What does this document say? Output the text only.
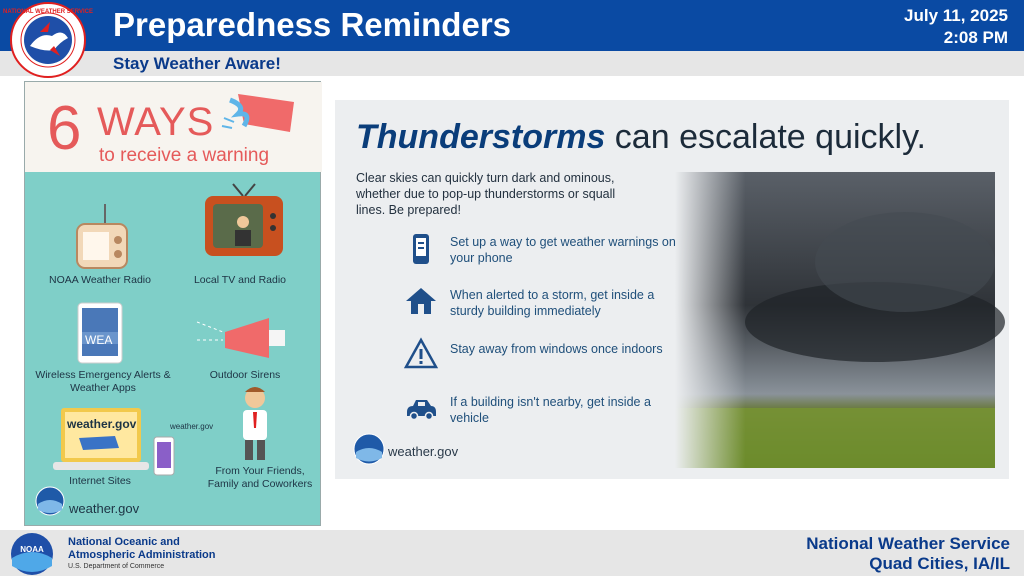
Preparedness Reminders	July 11, 2025
2:08 PM
Stay Weather Aware!
NATIONAL WEATHER SERVICE
6 WAYS
to receive a warning
NOAA Weather Radio	Local TV and Radio
WEA
Wireless Emergency Alerts & Weather Apps
Outdoor Sirens
weather.gov
Internet Sites
weather.gov
From Your Friends, Family and Coworkers
weather.gov
Thunderstorms can escalate quickly.
Clear skies can quickly turn dark and ominous, whether due to pop-up thunderstorms or squall lines. Be prepared!
Set up a way to get weather warnings on your phone
When alerted to a storm, get inside a sturdy building immediately
Stay away from windows once indoors
If a building isn't nearby, get inside a vehicle
weather.gov
NOAA
National Oceanic and
Atmospheric Administration
U.S. Department of Commerce
National Weather Service
Quad Cities, IA/IL
